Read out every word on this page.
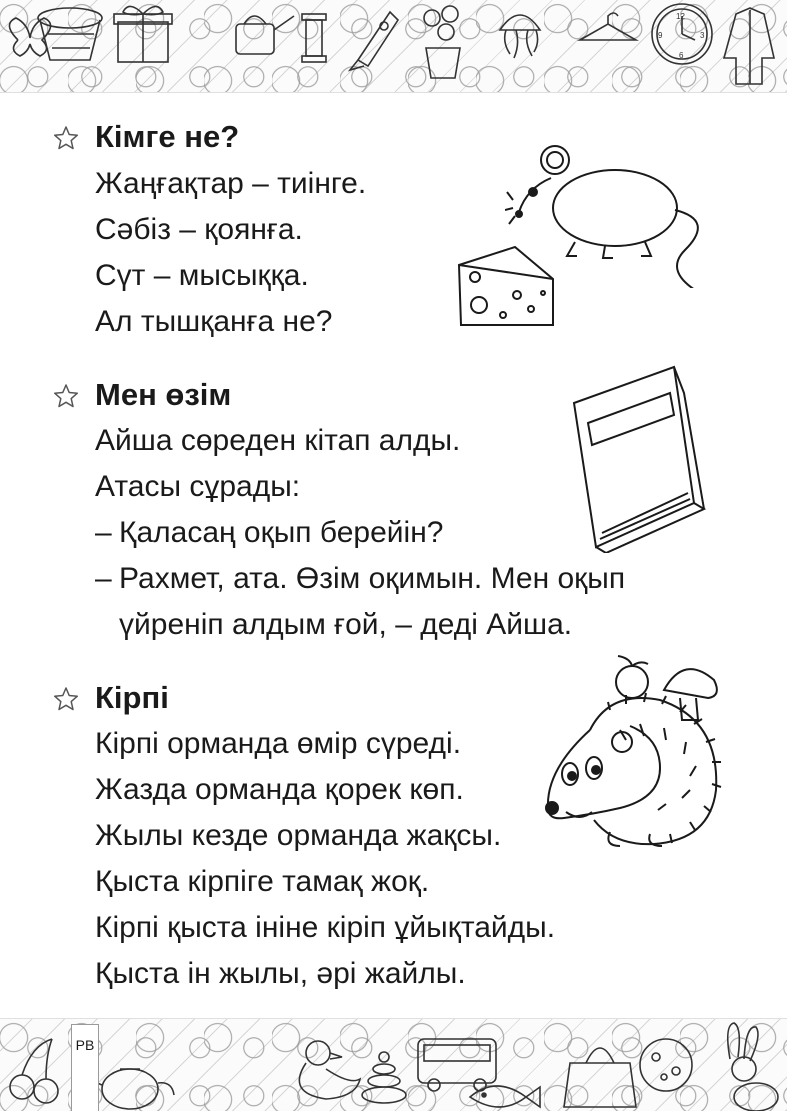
12
9	3
6
Кімге не?
Жаңғақтар – тиінге.
Сәбіз – қоянға.
Сүт – мысыққа.
Ал тышқанға не?
Мен өзім
Айша сөреден кітап алды.
Атасы сұрады:
– Қаласаң оқып берейін?
– Рахмет, ата. Өзім оқимын. Мен оқып
үйреніп алдым ғой, – деді Айша.
Кірпі
Кірпі орманда өмір сүреді.
Жазда орманда қорек көп.
Жылы кезде орманда жақсы.
Қыста кірпіге тамақ жоқ.
Кірпі қыста ініне кіріп ұйықтайды.
Қыста ін жылы, әрі жайлы.
РВ
